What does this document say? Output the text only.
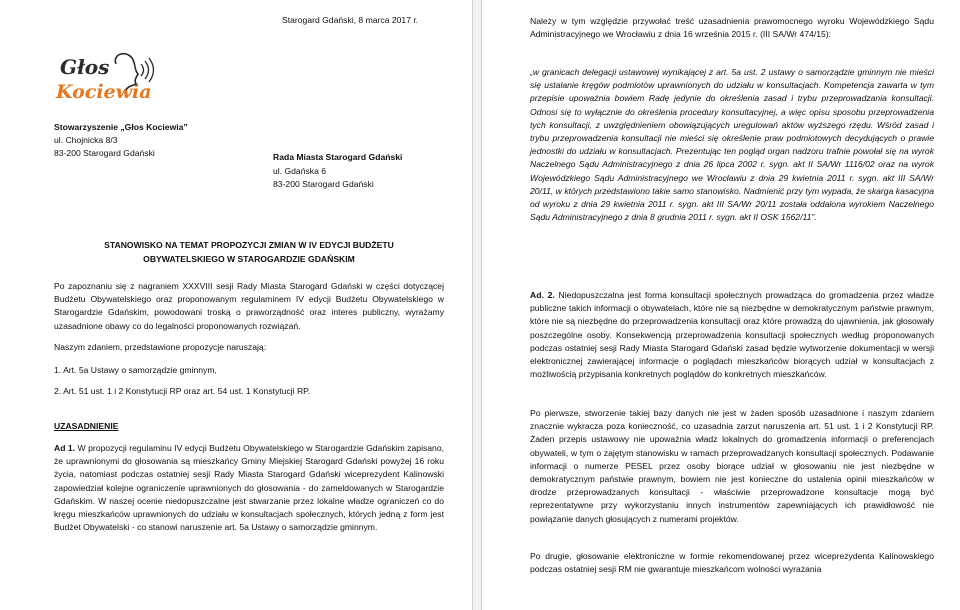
Starogard Gdański, 8 marca 2017 r.
Głos
Kociewia
Stowarzyszenie „Głos Kociewia”
ul. Chojnicka 8/3
83-200 Starogard Gdański	Rada Miasta Starogard Gdański
ul. Gdańska 6
83-200 Starogard Gdański
STANOWISKO NA TEMAT PROPOZYCJI ZMIAN W IV EDYCJI BUDŻETU
OBYWATELSKIEGO W STAROGARDZIE GDAŃSKIM
Po zapoznaniu się z nagraniem XXXVIII sesji Rady Miasta Starogard Gdański w części dotyczącej Budżetu Obywatelskiego oraz proponowanym regulaminem IV edycji Budżetu Obywatelskiego w Starogardzie Gdańskim, powodowani troską o praworządność oraz interes publiczny, wyrażamy uzasadnione obawy co do legalności proponowanych rozwiązań.
Naszym zdaniem, przedstawione propozycje naruszają:
1. Art. 5a Ustawy o samorządzie gminnym,
2. Art. 51 ust. 1 i 2 Konstytucji RP oraz art. 54 ust. 1 Konstytucji RP.
UZASADNIENIE
Ad 1. W propozycji regulaminu IV edycji Budżetu Obywatelskiego w Starogardzie Gdańskim zapisano, że uprawnionymi do głosowania są mieszkańcy Gminy Miejskiej Starogard Gdański powyżej 16 roku życia, natomiast podczas ostatniej sesji Rady Miasta Starogard Gdański wiceprezydent Kalinowski zapowiedział kolejne ograniczenie uprawnionych do głosowania - do zameldowanych w Starogardzie Gdańskim. W naszej ocenie niedopuszczalne jest stwarzanie przez lokalne władze ograniczeń co do kręgu mieszkańców uprawnionych do udziału w konsultacjach społecznych, których jedną z form jest Budżet Obywatelski - co stanowi naruszenie art. 5a Ustawy o samorządzie gminnym.
Należy w tym względzie przywołać treść uzasadnienia prawomocnego wyroku Wojewódzkiego Sądu Administracyjnego we Wrocławiu z dnia 16 września 2015 r. (III SA/Wr 474/15):
„w granicach delegacji ustawowej wynikającej z art. 5a ust. 2 ustawy o samorządzie gminnym nie mieści się ustalanie kręgów podmiotów uprawnionych do udziału w konsultacjach. Kompetencja zawarta w tym przepisie upoważnia bowiem Radę jedynie do określenia zasad i trybu przeprowadzania konsultacji. Odnosi się to wyłącznie do określenia procedury konsultacyjnej, a więc opisu sposobu przeprowadzenia tych konsultacji, z uwzględnieniem obowiązujących uregulowań aktów wyższego rzędu. Wśród zasad i trybu przeprowadzenia konsultacji nie mieści się określenie praw podmiotowych decydujących o prawie jednostki do udziału w konsultacjach. Prezentując ten pogląd organ nadzoru trafnie powołał się na wyrok Naczelnego Sądu Administracyjnego z dnia 26 lipca 2002 r. sygn. akt II SA/Wr 1116/02 oraz na wyrok Wojewódzkiego Sądu Administracyjnego we Wrocławiu z dnia 29 kwietnia 2011 r. sygn. akt III SA/Wr 20/11, w których przedstawiono takie samo stanowisko. Nadmienić przy tym wypada, że skarga kasacyjna od wyroku z dnia 29 kwietnia 2011 r. sygn. akt III SA/Wr 20/11 została oddalona wyrokiem Naczelnego Sądu Administracyjnego z dnia 8 grudnia 2011 r. sygn. akt II OSK 1562/11”.
Ad. 2. Niedopuszczalna jest forma konsultacji społecznych prowadząca do gromadzenia przez władze publiczne takich informacji o obywatelach, które nie są niezbędne w demokratycznym państwie prawnym, które nie są niezbędne do przeprowadzenia konsultacji oraz które prowadzą do ujawnienia, jak głosowały poszczególne osoby. Konsekwencją przeprowadzenia konsultacji społecznych według proponowanych podczas ostatniej sesji Rady Miasta Starogard Gdański zasad będzie wytworzenie dokumentacji w wersji elektronicznej zawierającej informacje o poglądach mieszkańców biorących udział w konsultacjach z możliwością przypisania konkretnych poglądów do konkretnych mieszkańców.
Po pierwsze, stworzenie takiej bazy danych nie jest w żaden sposób uzasadnione i naszym zdaniem znacznie wykracza poza konieczność, co uzasadnia zarzut naruszenia art. 51 ust. 1 i 2 Konstytucji RP. Żaden przepis ustawowy nie upoważnia władz lokalnych do gromadzenia informacji o preferencjach obywateli, w tym o zajętym stanowisku w ramach przeprowadzanych konsultacji społecznych. Podawanie informacji o numerze PESEL przez osoby biorące udział w głosowaniu nie jest niezbędne w demokratycznym państwie prawnym, bowiem nie jest konieczne do ustalenia opinii mieszkańców w drodze przeprowadzanych konsultacji - właściwie przeprowadzone konsultacje mogą być reprezentatywne przy wykorzystaniu innych instrumentów zapewniających ich prawidłowość nie powiązanie danych głosujących z numerami projektów.
Po drugie, głosowanie elektroniczne w formie rekomendowanej przez wiceprezydenta Kalinowskiego podczas ostatniej sesji RM nie gwarantuje mieszkańcom wolności wyrażania
